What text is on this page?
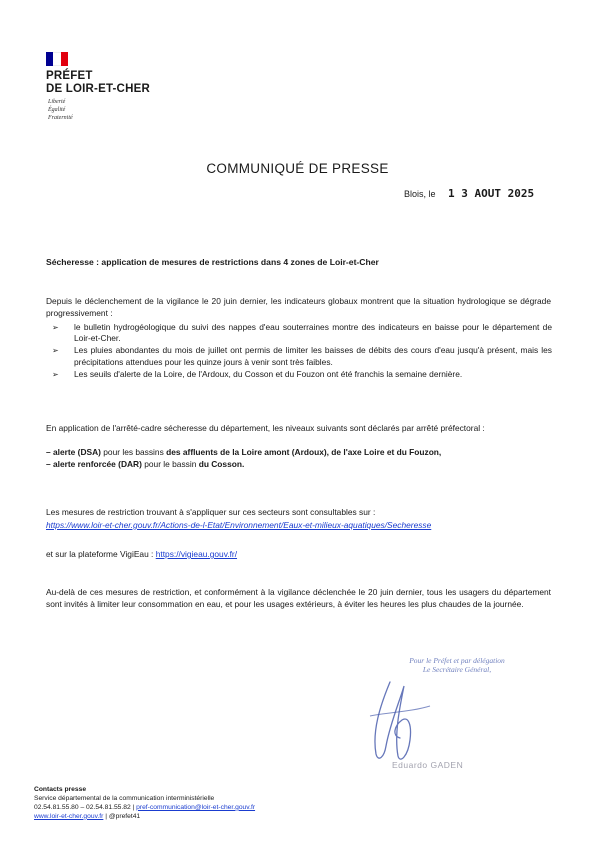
PRÉFET
DE LOIR-ET-CHER
Liberté
Égalité
Fraternité
COMMUNIQUÉ DE PRESSE
Blois, le 1 3 AOUT 2025
Sécheresse : application de mesures de restrictions dans 4 zones de Loir-et-Cher
Depuis le déclenchement de la vigilance le 20 juin dernier, les indicateurs globaux montrent que la situation hydrologique se dégrade progressivement :
➢ le bulletin hydrogéologique du suivi des nappes d'eau souterraines montre des indicateurs en baisse pour le département de Loir-et-Cher.
➢ Les pluies abondantes du mois de juillet ont permis de limiter les baisses de débits des cours d'eau jusqu'à présent, mais les précipitations attendues pour les quinze jours à venir sont très faibles.
➢ Les seuils d'alerte de la Loire, de l'Ardoux, du Cosson et du Fouzon ont été franchis la semaine dernière.
En application de l'arrêté-cadre sécheresse du département, les niveaux suivants sont déclarés par arrêté préfectoral :
– alerte (DSA) pour les bassins des affluents de la Loire amont (Ardoux), de l'axe Loire et du Fouzon,
– alerte renforcée (DAR) pour le bassin du Cosson.
Les mesures de restriction trouvant à s'appliquer sur ces secteurs sont consultables sur :
https://www.loir-et-cher.gouv.fr/Actions-de-l-Etat/Environnement/Eaux-et-milieux-aquatiques/Secheresse
et sur la plateforme VigiEau : https://vigieau.gouv.fr/
Au-delà de ces mesures de restriction, et conformément à la vigilance déclenchée le 20 juin dernier, tous les usagers du département sont invités à limiter leur consommation en eau, et pour les usages extérieurs, à éviter les heures les plus chaudes de la journée.
Pour le Préfet et par délégation
Le Secrétaire Général,
Eduardo GADEN
Contacts presse
Service départemental de la communication interministérielle
02.54.81.55.80 – 02.54.81.55.82 | pref-communication@loir-et-cher.gouv.fr
www.loir-et-cher.gouv.fr | @prefet41
